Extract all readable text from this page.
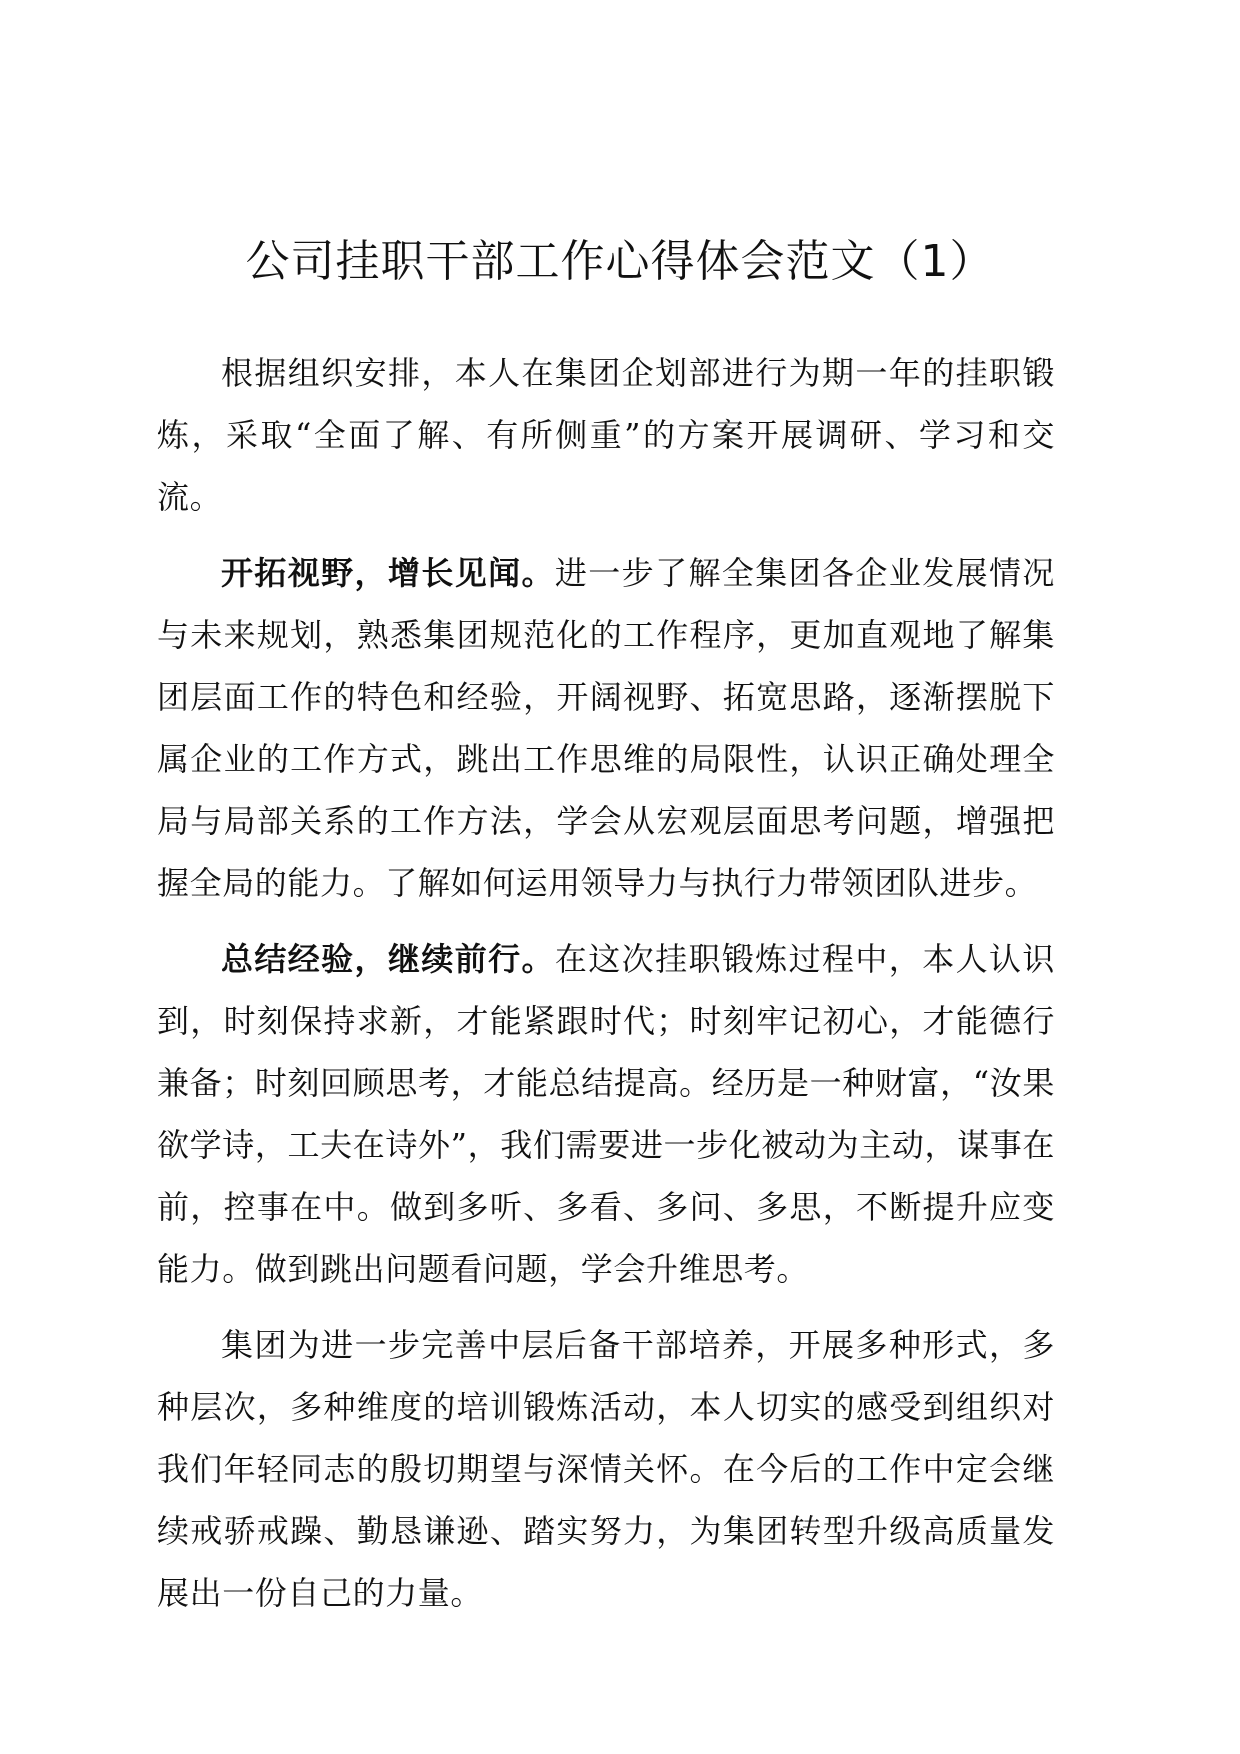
公司挂职干部工作心得体会范文（1）

根据组织安排，本人在集团企划部进行为期一年的挂职锻炼，采取“全面了解、有所侧重”的方案开展调研、学习和交流。

开拓视野，增长见闻。进一步了解全集团各企业发展情况与未来规划，熟悉集团规范化的工作程序，更加直观地了解集团层面工作的特色和经验，开阔视野、拓宽思路，逐渐摆脱下属企业的工作方式，跳出工作思维的局限性，认识正确处理全局与局部关系的工作方法，学会从宏观层面思考问题，增强把握全局的能力。了解如何运用领导力与执行力带领团队进步。

总结经验，继续前行。在这次挂职锻炼过程中，本人认识到，时刻保持求新，才能紧跟时代；时刻牢记初心，才能德行兼备；时刻回顾思考，才能总结提高。经历是一种财富，“汝果欲学诗，工夫在诗外”，我们需要进一步化被动为主动，谋事在前，控事在中。做到多听、多看、多问、多思，不断提升应变能力。做到跳出问题看问题，学会升维思考。

集团为进一步完善中层后备干部培养，开展多种形式，多种层次，多种维度的培训锻炼活动，本人切实的感受到组织对我们年轻同志的殷切期望与深情关怀。在今后的工作中定会继续戒骄戒躁、勤恳谦逊、踏实努力，为集团转型升级高质量发展出一份自己的力量。
